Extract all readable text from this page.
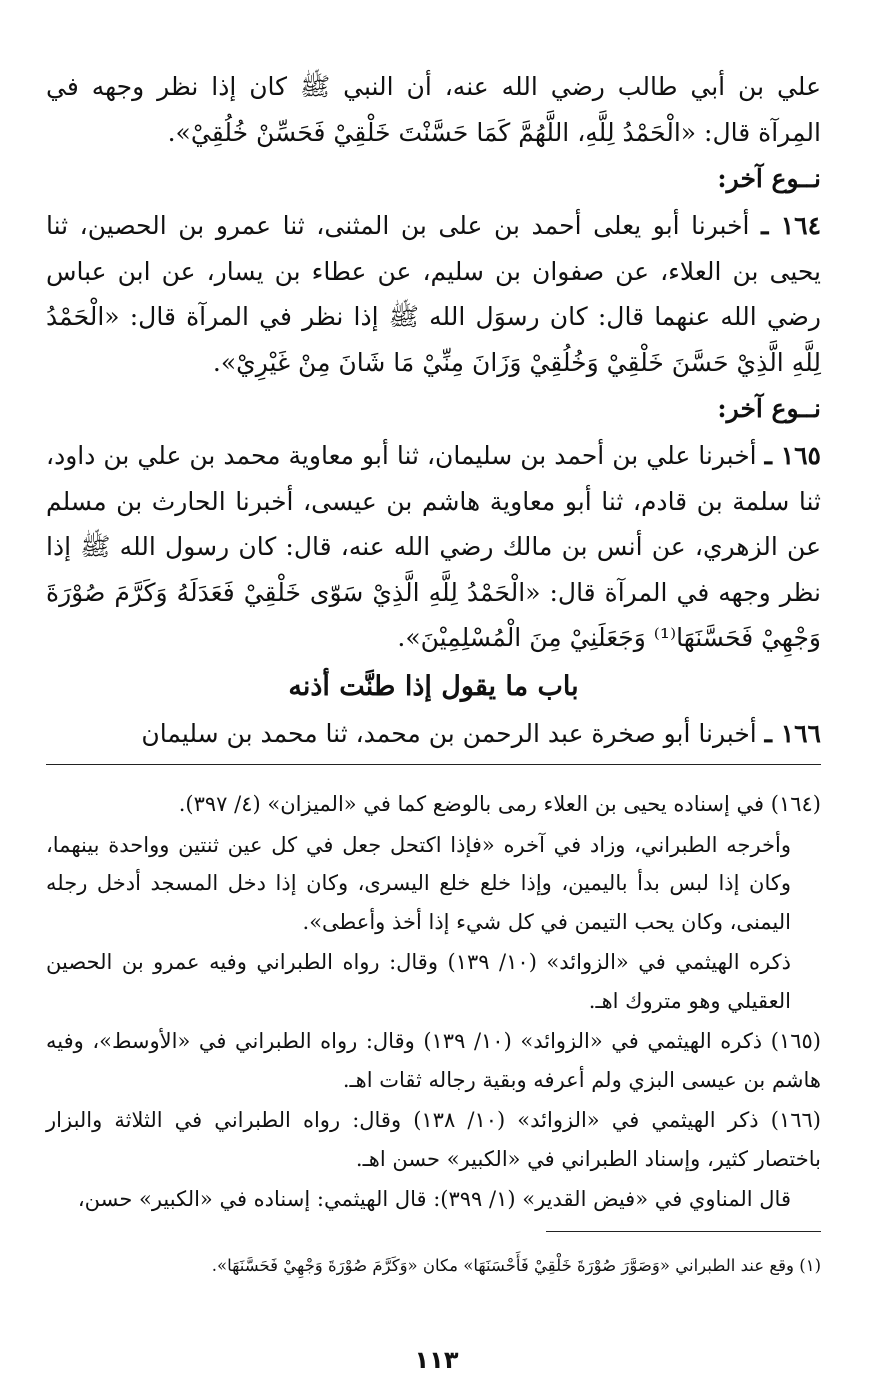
علي بن أبي طالب رضي الله عنه، أن النبي ﷺ كان إذا نظر وجهه في المِرآة قال: «الْحَمْدُ لِلَّهِ، اللَّهُمَّ كَمَا حَسَّنْتَ خَلْقِيْ فَحَسِّنْ خُلُقِيْ».

نــوع آخر:

١٦٤ ـ أخبرنا أبو يعلى أحمد بن على بن المثنى، ثنا عمرو بن الحصين، ثنا يحيى بن العلاء، عن صفوان بن سليم، عن عطاء بن يسار، عن ابن عباس رضي الله عنهما قال: كان رسوَل الله ﷺ إذا نظر في المرآة قال: «الْحَمْدُ لِلَّهِ الَّذِيْ حَسَّنَ خَلْقِيْ وَخُلُقِيْ وَزَانَ مِنِّيْ مَا شَانَ مِنْ غَيْرِيْ».

نــوع آخر:

١٦٥ ـ أخبرنا علي بن أحمد بن سليمان، ثنا أبو معاوية محمد بن علي بن داود، ثنا سلمة بن قادم، ثنا أبو معاوية هاشم بن عيسى، أخبرنا الحارث بن مسلم عن الزهري، عن أنس بن مالك رضي الله عنه، قال: كان رسول الله ﷺ إذا نظر وجهه في المرآة قال: «الْحَمْدُ لِلَّهِ الَّذِيْ سَوّى خَلْقِيْ فَعَدَلَهُ وَكَرَّمَ صُوْرَةَ وَجْهِيْ فَحَسَّنَهَا⁽¹⁾ وَجَعَلَنِيْ مِنَ الْمُسْلِمِيْنَ».

باب ما يقول إذا طنَّت أذنه

١٦٦ ـ أخبرنا أبو صخرة عبد الرحمن بن محمد، ثنا محمد بن سليمان

(١٦٤) في إسناده يحيى بن العلاء رمى بالوضع كما في «الميزان» (٤/ ٣٩٧).

وأخرجه الطبراني، وزاد في آخره «فإذا اكتحل جعل في كل عين ثنتين وواحدة بينهما، وكان إذا لبس بدأ باليمين، وإذا خلع خلع اليسرى، وكان إذا دخل المسجد أدخل رجله اليمنى، وكان يحب التيمن في كل شيء إذا أخذ وأعطى».

ذكره الهيثمي في «الزوائد» (١٠/ ١٣٩) وقال: رواه الطبراني وفيه عمرو بن الحصين العقيلي وهو متروك اهـ.

(١٦٥) ذكره الهيثمي في «الزوائد» (١٠/ ١٣٩) وقال: رواه الطبراني في «الأوسط»، وفيه هاشم بن عيسى البزي ولم أعرفه وبقية رجاله ثقات اهـ.

(١٦٦) ذكر الهيثمي في «الزوائد» (١٠/ ١٣٨) وقال: رواه الطبراني في الثلاثة والبزار باختصار كثير، وإسناد الطبراني في «الكبير» حسن اهـ.

قال المناوي في «فيض القدير» (١/ ٣٩٩): قال الهيثمي: إسناده في «الكبير» حسن،

(١) وقع عند الطبراني «وَصَوَّرَ صُوْرَةَ خَلْقِيْ فَأَحْسَنَهَا» مكان «وَكَرَّمَ صُوْرَةَ وَجْهِيْ فَحَسَّنَهَا».
١١٣
